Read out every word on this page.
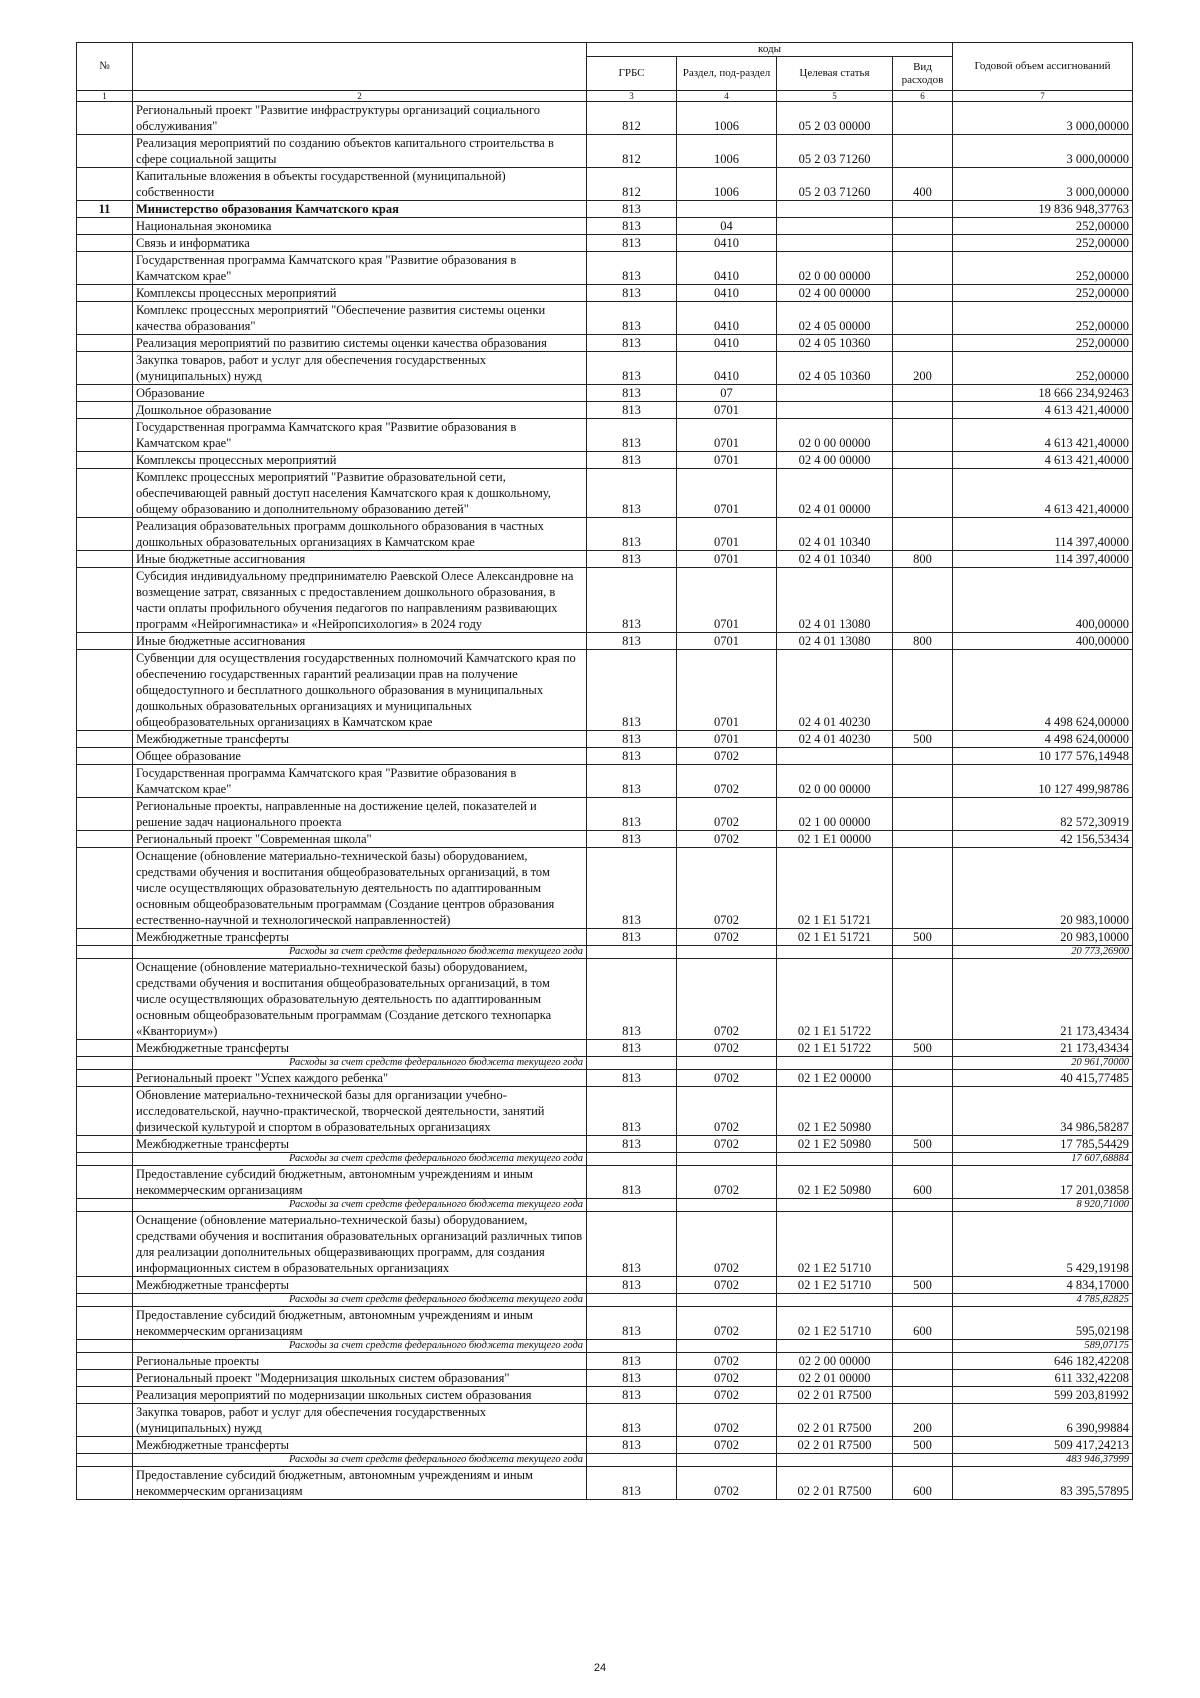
№		коды				Годовой объем ассигнований
		ГРБС	Раздел, под-раздел	Целевая статья	Вид расходов	
1	2	3	4	5	6	7
	Региональный проект "Развитие инфраструктуры организаций социального обслуживания"	812	1006	05 2 03 00000		3 000,00000
	Реализация мероприятий по созданию объектов капитального строительства в сфере социальной защиты	812	1006	05 2 03 71260		3 000,00000
	Капитальные вложения в объекты государственной (муниципальной) собственности	812	1006	05 2 03 71260	400	3 000,00000
11	Министерство образования Камчатского края	813				19 836 948,37763
	Национальная экономика	813	04			252,00000
	Связь и информатика	813	0410			252,00000
	Государственная программа Камчатского края "Развитие образования в Камчатском крае"	813	0410	02 0 00 00000		252,00000
	Комплексы процессных мероприятий	813	0410	02 4 00 00000		252,00000
	Комплекс процессных мероприятий "Обеспечение развития системы оценки качества образования"	813	0410	02 4 05 00000		252,00000
	Реализация мероприятий по развитию системы оценки качества образования	813	0410	02 4 05 10360		252,00000
	Закупка товаров, работ и услуг для обеспечения государственных (муниципальных) нужд	813	0410	02 4 05 10360	200	252,00000
	Образование	813	07			18 666 234,92463
	Дошкольное образование	813	0701			4 613 421,40000
	Государственная программа Камчатского края "Развитие образования в Камчатском крае"	813	0701	02 0 00 00000		4 613 421,40000
	Комплексы процессных мероприятий	813	0701	02 4 00 00000		4 613 421,40000
	Комплекс процессных мероприятий "Развитие образовательной сети, обеспечивающей равный доступ населения Камчатского края к дошкольному, общему образованию и дополнительному образованию детей"	813	0701	02 4 01 00000		4 613 421,40000
	Реализация образовательных программ дошкольного образования в частных дошкольных образовательных организациях в Камчатском крае	813	0701	02 4 01 10340		114 397,40000
	Иные бюджетные ассигнования	813	0701	02 4 01 10340	800	114 397,40000
	Субсидия индивидуальному предпринимателю Раевской Олесе Александровне на возмещение затрат, связанных с предоставлением дошкольного образования, в части оплаты профильного обучения педагогов по направлениям развивающих программ «Нейрогимнастика» и «Нейропсихология» в 2024 году	813	0701	02 4 01 13080		400,00000
	Иные бюджетные ассигнования	813	0701	02 4 01 13080	800	400,00000
	Субвенции для осуществления государственных полномочий Камчатского края по обеспечению государственных гарантий реализации прав на получение общедоступного и бесплатного дошкольного образования в муниципальных дошкольных образовательных организациях и муниципальных общеобразовательных организациях в Камчатском крае	813	0701	02 4 01 40230		4 498 624,00000
	Межбюджетные трансферты	813	0701	02 4 01 40230	500	4 498 624,00000
	Общее образование	813	0702			10 177 576,14948
	Государственная программа Камчатского края "Развитие образования в Камчатском крае"	813	0702	02 0 00 00000		10 127 499,98786
	Региональные проекты, направленные на достижение целей, показателей и решение задач национального проекта	813	0702	02 1 00 00000		82 572,30919
	Региональный проект "Современная школа"	813	0702	02 1 E1 00000		42 156,53434
	Оснащение (обновление материально-технической базы) оборудованием, средствами обучения и воспитания общеобразовательных организаций, в том числе осуществляющих образовательную деятельность по адаптированным основным общеобразовательным программам (Создание центров образования естественно-научной и технологической направленностей)	813	0702	02 1 E1 51721		20 983,10000
	Межбюджетные трансферты	813	0702	02 1 E1 51721	500	20 983,10000
	Расходы за счет средств федерального бюджета текущего года					20 773,26900
	Оснащение (обновление материально-технической базы) оборудованием, средствами обучения и воспитания общеобразовательных организаций, в том числе осуществляющих образовательную деятельность по адаптированным основным общеобразовательным программам (Создание детского технопарка «Кванториум»)	813	0702	02 1 E1 51722		21 173,43434
	Межбюджетные трансферты	813	0702	02 1 E1 51722	500	21 173,43434
	Расходы за счет средств федерального бюджета текущего года					20 961,70000
	Региональный проект "Успех каждого ребенка"	813	0702	02 1 E2 00000		40 415,77485
	Обновление материально-технической базы для организации учебно-исследовательской, научно-практической, творческой деятельности, занятий физической культурой и спортом в образовательных организациях	813	0702	02 1 E2 50980		34 986,58287
	Межбюджетные трансферты	813	0702	02 1 E2 50980	500	17 785,54429
	Расходы за счет средств федерального бюджета текущего года					17 607,68884
	Предоставление субсидий бюджетным, автономным учреждениям и иным некоммерческим организациям	813	0702	02 1 E2 50980	600	17 201,03858
	Расходы за счет средств федерального бюджета текущего года					8 920,71000
	Оснащение (обновление материально-технической базы) оборудованием, средствами обучения и воспитания образовательных организаций различных типов для реализации дополнительных общеразвивающих программ, для создания информационных систем в образовательных организациях	813	0702	02 1 E2 51710		5 429,19198
	Межбюджетные трансферты	813	0702	02 1 E2 51710	500	4 834,17000
	Расходы за счет средств федерального бюджета текущего года					4 785,82825
	Предоставление субсидий бюджетным, автономным учреждениям и иным некоммерческим организациям	813	0702	02 1 E2 51710	600	595,02198
	Расходы за счет средств федерального бюджета текущего года					589,07175
	Региональные проекты	813	0702	02 2 00 00000		646 182,42208
	Региональный проект "Модернизация школьных систем образования"	813	0702	02 2 01 00000		611 332,42208
	Реализация мероприятий по модернизации школьных систем образования	813	0702	02 2 01 R7500		599 203,81992
	Закупка товаров, работ и услуг для обеспечения государственных (муниципальных) нужд	813	0702	02 2 01 R7500	200	6 390,99884
	Межбюджетные трансферты	813	0702	02 2 01 R7500	500	509 417,24213
	Расходы за счет средств федерального бюджета текущего года					483 946,37999
	Предоставление субсидий бюджетным, автономным учреждениям и иным некоммерческим организациям	813	0702	02 2 01 R7500	600	83 395,57895
24
